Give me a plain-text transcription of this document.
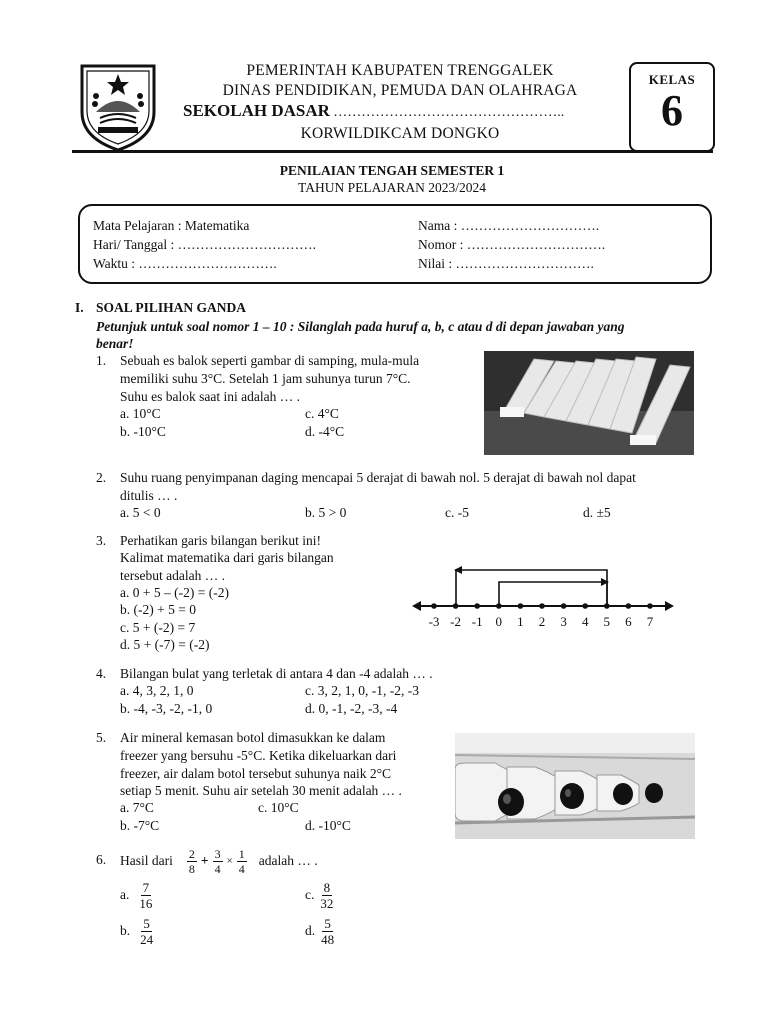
PEMERINTAH KABUPATEN TRENGGALEK
DINAS PENDIDIKAN, PEMUDA DAN OLAHRAGA
SEKOLAH DASAR …………………………………………..
KORWILDIKCAM DONGKO
KELAS
6
PENILAIAN TENGAH SEMESTER 1
TAHUN PELAJARAN 2023/2024
Mata Pelajaran : Matematika
Hari/ Tanggal : ………………………….
Waktu : ………………………….
Nama : ………………………….
Nomor : ………………………….
Nilai : ………………………….
I. SOAL PILIHAN GANDA
Petunjuk untuk soal nomor 1 – 10 : Silanglah pada huruf a, b, c atau d di depan jawaban yang
benar!
1. Sebuah es balok seperti gambar di samping, mula-mula
memiliki suhu 3°C. Setelah 1 jam suhunya turun 7°C.
Suhu es balok saat ini adalah … .
a. 10°C
b. -10°C
c. 4°C
d. -4°C
2. Suhu ruang penyimpanan daging mencapai 5 derajat di bawah nol. 5 derajat di bawah nol dapat
ditulis … .
a. 5 < 0	b. 5 > 0	c. -5	d. ±5
3. Perhatikan garis bilangan berikut ini!
Kalimat matematika dari garis bilangan
tersebut adalah … .
a. 0 + 5 – (-2) = (-2)
b. (-2) + 5 = 0
c. 5 + (-2) = 7
d. 5 + (-7) = (-2)
-3 -2 -1 0 1 2 3 4 5 6 7
4. Bilangan bulat yang terletak di antara 4 dan -4 adalah … .
a. 4, 3, 2, 1, 0
b. -4, -3, -2, -1, 0
c. 3, 2, 1, 0, -1, -2, -3
d. 0, -1, -2, -3, -4
5. Air mineral kemasan botol dimasukkan ke dalam
freezer yang bersuhu -5°C. Ketika dikeluarkan dari
freezer, air dalam botol tersebut suhunya naik 2°C
setiap 5 menit. Suhu air setelah 30 menit adalah … .
a. 7°C
b. -7°C
c. 10°C
d. -10°C
6. Hasil dari $\frac{2}{8} + \frac{3}{4} \times \frac{1}{4}$ adalah … .
a. $\frac{7}{16}$
b. $\frac{5}{24}$
c. $\frac{8}{32}$
d. $\frac{5}{48}$
